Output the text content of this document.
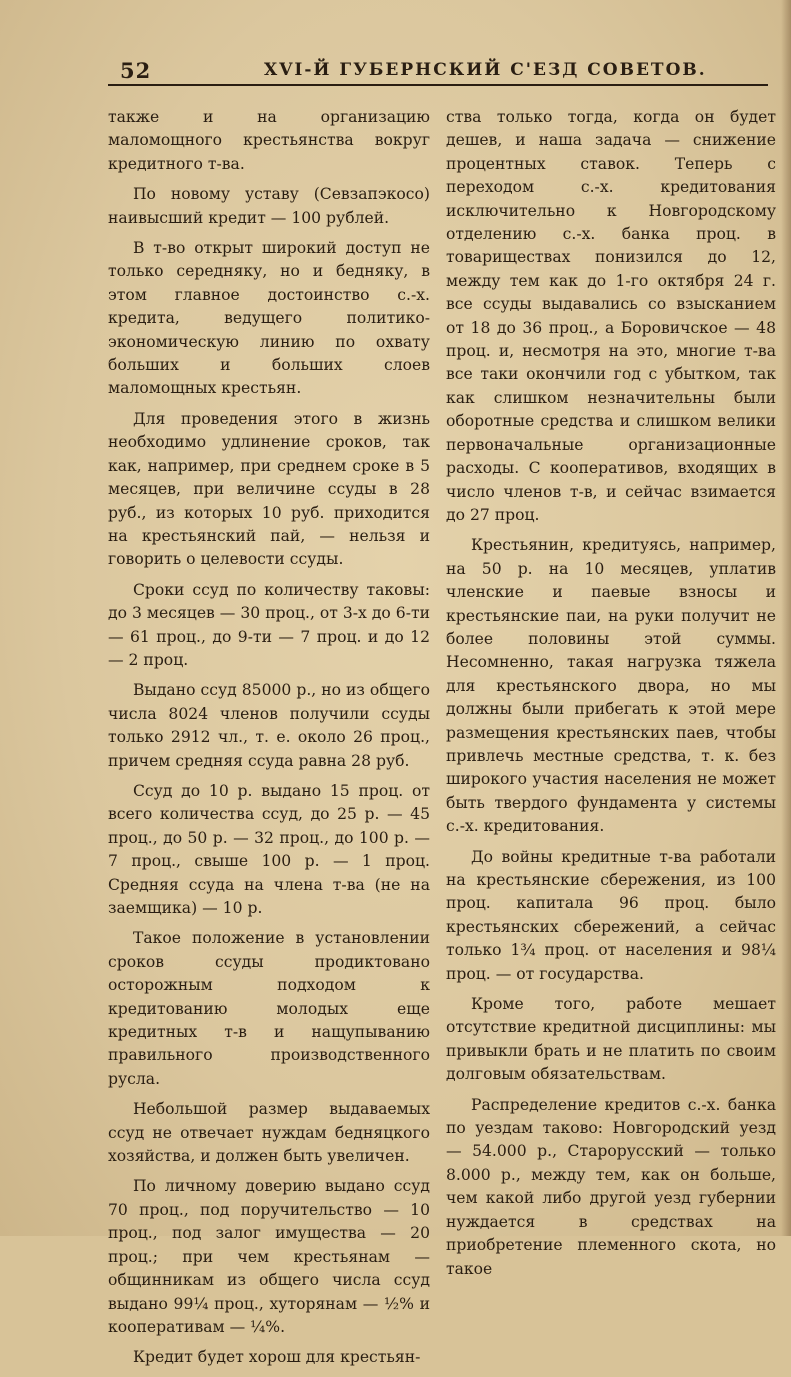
52	XVI-Й ГУБЕРНСКИЙ С'ЕЗД СОВЕТОВ.

также и на организацию маломощного крестьянства вокруг кредитного т-ва.

По новому уставу (Севзапэкосо) наивысший кредит — 100 рублей.

В т-во открыт широкий доступ не только середняку, но и бедняку, в этом главное достоинство с.-х. кредита, ведущего политико-экономическую линию по охвату больших и больших слоев маломощных крестьян.

Для проведения этого в жизнь необходимо удлинение сроков, так как, например, при среднем сроке в 5 месяцев, при величине ссуды в 28 руб., из которых 10 руб. приходится на крестьянский пай, — нельзя и говорить о целевости ссуды.

Сроки ссуд по количеству таковы: до 3 месяцев — 30 проц., от 3-х до 6-ти — 61 проц., до 9-ти — 7 проц. и до 12 — 2 проц.

Выдано ссуд 85000 р., но из общего числа 8024 членов получили ссуды только 2912 чл., т. е. около 26 проц., причем средняя ссуда равна 28 руб.

Ссуд до 10 р. выдано 15 проц. от всего количества ссуд, до 25 р. — 45 проц., до 50 р. — 32 проц., до 100 р. — 7 проц., свыше 100 р. — 1 проц. Средняя ссуда на члена т-ва (не на заемщика) — 10 р.

Такое положение в установлении сроков ссуды продиктовано осторожным подходом к кредитованию молодых еще кредитных т-в и нащупыванию правильного производственного русла.

Небольшой размер выдаваемых ссуд не отвечает нуждам бедняцкого хозяйства, и должен быть увеличен.

По личному доверию выдано ссуд 70 проц., под поручительство — 10 проц., под залог имущества — 20 проц.; при чем крестьянам — общинникам из общего числа ссуд выдано 99¼ проц., хуторянам — ½% и кооперативам — ¼%.

Кредит будет хорош для крестьян-

ства только тогда, когда он будет дешев, и наша задача — снижение процентных ставок. Теперь с переходом с.-х. кредитования исключительно к Новгородскому отделению с.-х. банка проц. в товариществах понизился до 12, между тем как до 1-го октября 24 г. все ссуды выдавались со взысканием от 18 до 36 проц., а Боровичское — 48 проц. и, несмотря на это, многие т-ва все таки окончили год с убытком, так как слишком незначительны были оборотные средства и слишком велики первоначальные организационные расходы. С кооперативов, входящих в число членов т-в, и сейчас взимается до 27 проц.

Крестьянин, кредитуясь, например, на 50 р. на 10 месяцев, уплатив членские и паевые взносы и крестьянские паи, на руки получит не более половины этой суммы. Несомненно, такая нагрузка тяжела для крестьянского двора, но мы должны были прибегать к этой мере размещения крестьянских паев, чтобы привлечь местные средства, т. к. без широкого участия населения не может быть твердого фундамента у системы с.-х. кредитования.

До войны кредитные т-ва работали на крестьянские сбережения, из 100 проц. капитала 96 проц. было крестьянских сбережений, а сейчас только 1¾ проц. от населения и 98¼ проц. — от государства.

Кроме того, работе мешает отсутствие кредитной дисциплины: мы привыкли брать и не платить по своим долговым обязательствам.

Распределение кредитов с.-х. банка по уездам таково: Новгородский уезд — 54.000 р., Старорусский — только 8.000 р., между тем, как он больше, чем какой либо другой уезд губернии нуждается в средствах на приобретение племенного скота, но такое
